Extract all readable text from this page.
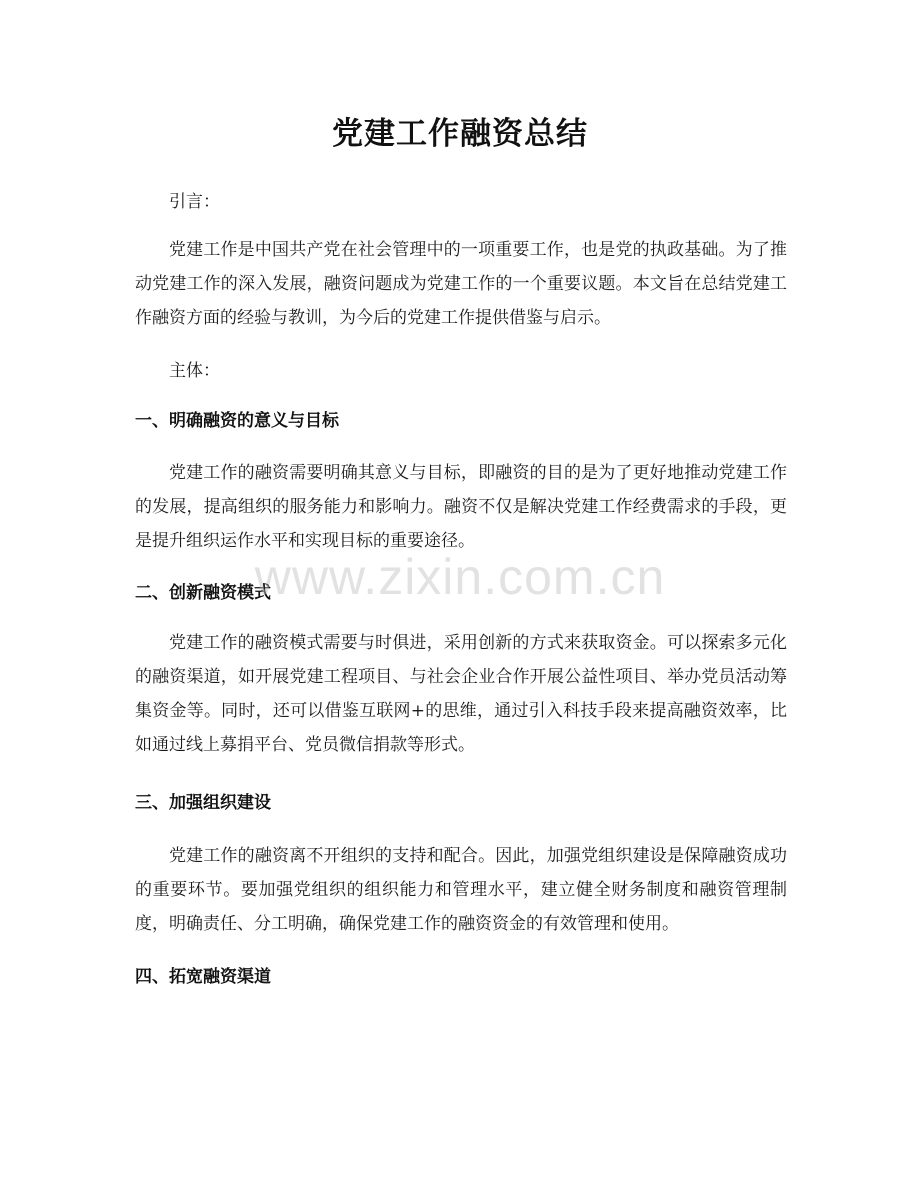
党建工作融资总结

引言：

党建工作是中国共产党在社会管理中的一项重要工作，也是党的执政基础。为了推动党建工作的深入发展，融资问题成为党建工作的一个重要议题。本文旨在总结党建工作融资方面的经验与教训，为今后的党建工作提供借鉴与启示。

主体：

一、明确融资的意义与目标

党建工作的融资需要明确其意义与目标，即融资的目的是为了更好地推动党建工作的发展，提高组织的服务能力和影响力。融资不仅是解决党建工作经费需求的手段，更是提升组织运作水平和实现目标的重要途径。

二、创新融资模式

党建工作的融资模式需要与时俱进，采用创新的方式来获取资金。可以探索多元化的融资渠道，如开展党建工程项目、与社会企业合作开展公益性项目、举办党员活动筹集资金等。同时，还可以借鉴互联网+的思维，通过引入科技手段来提高融资效率，比如通过线上募捐平台、党员微信捐款等形式。

三、加强组织建设

党建工作的融资离不开组织的支持和配合。因此，加强党组织建设是保障融资成功的重要环节。要加强党组织的组织能力和管理水平，建立健全财务制度和融资管理制度，明确责任、分工明确，确保党建工作的融资资金的有效管理和使用。

四、拓宽融资渠道
www.zixin.com.cn
